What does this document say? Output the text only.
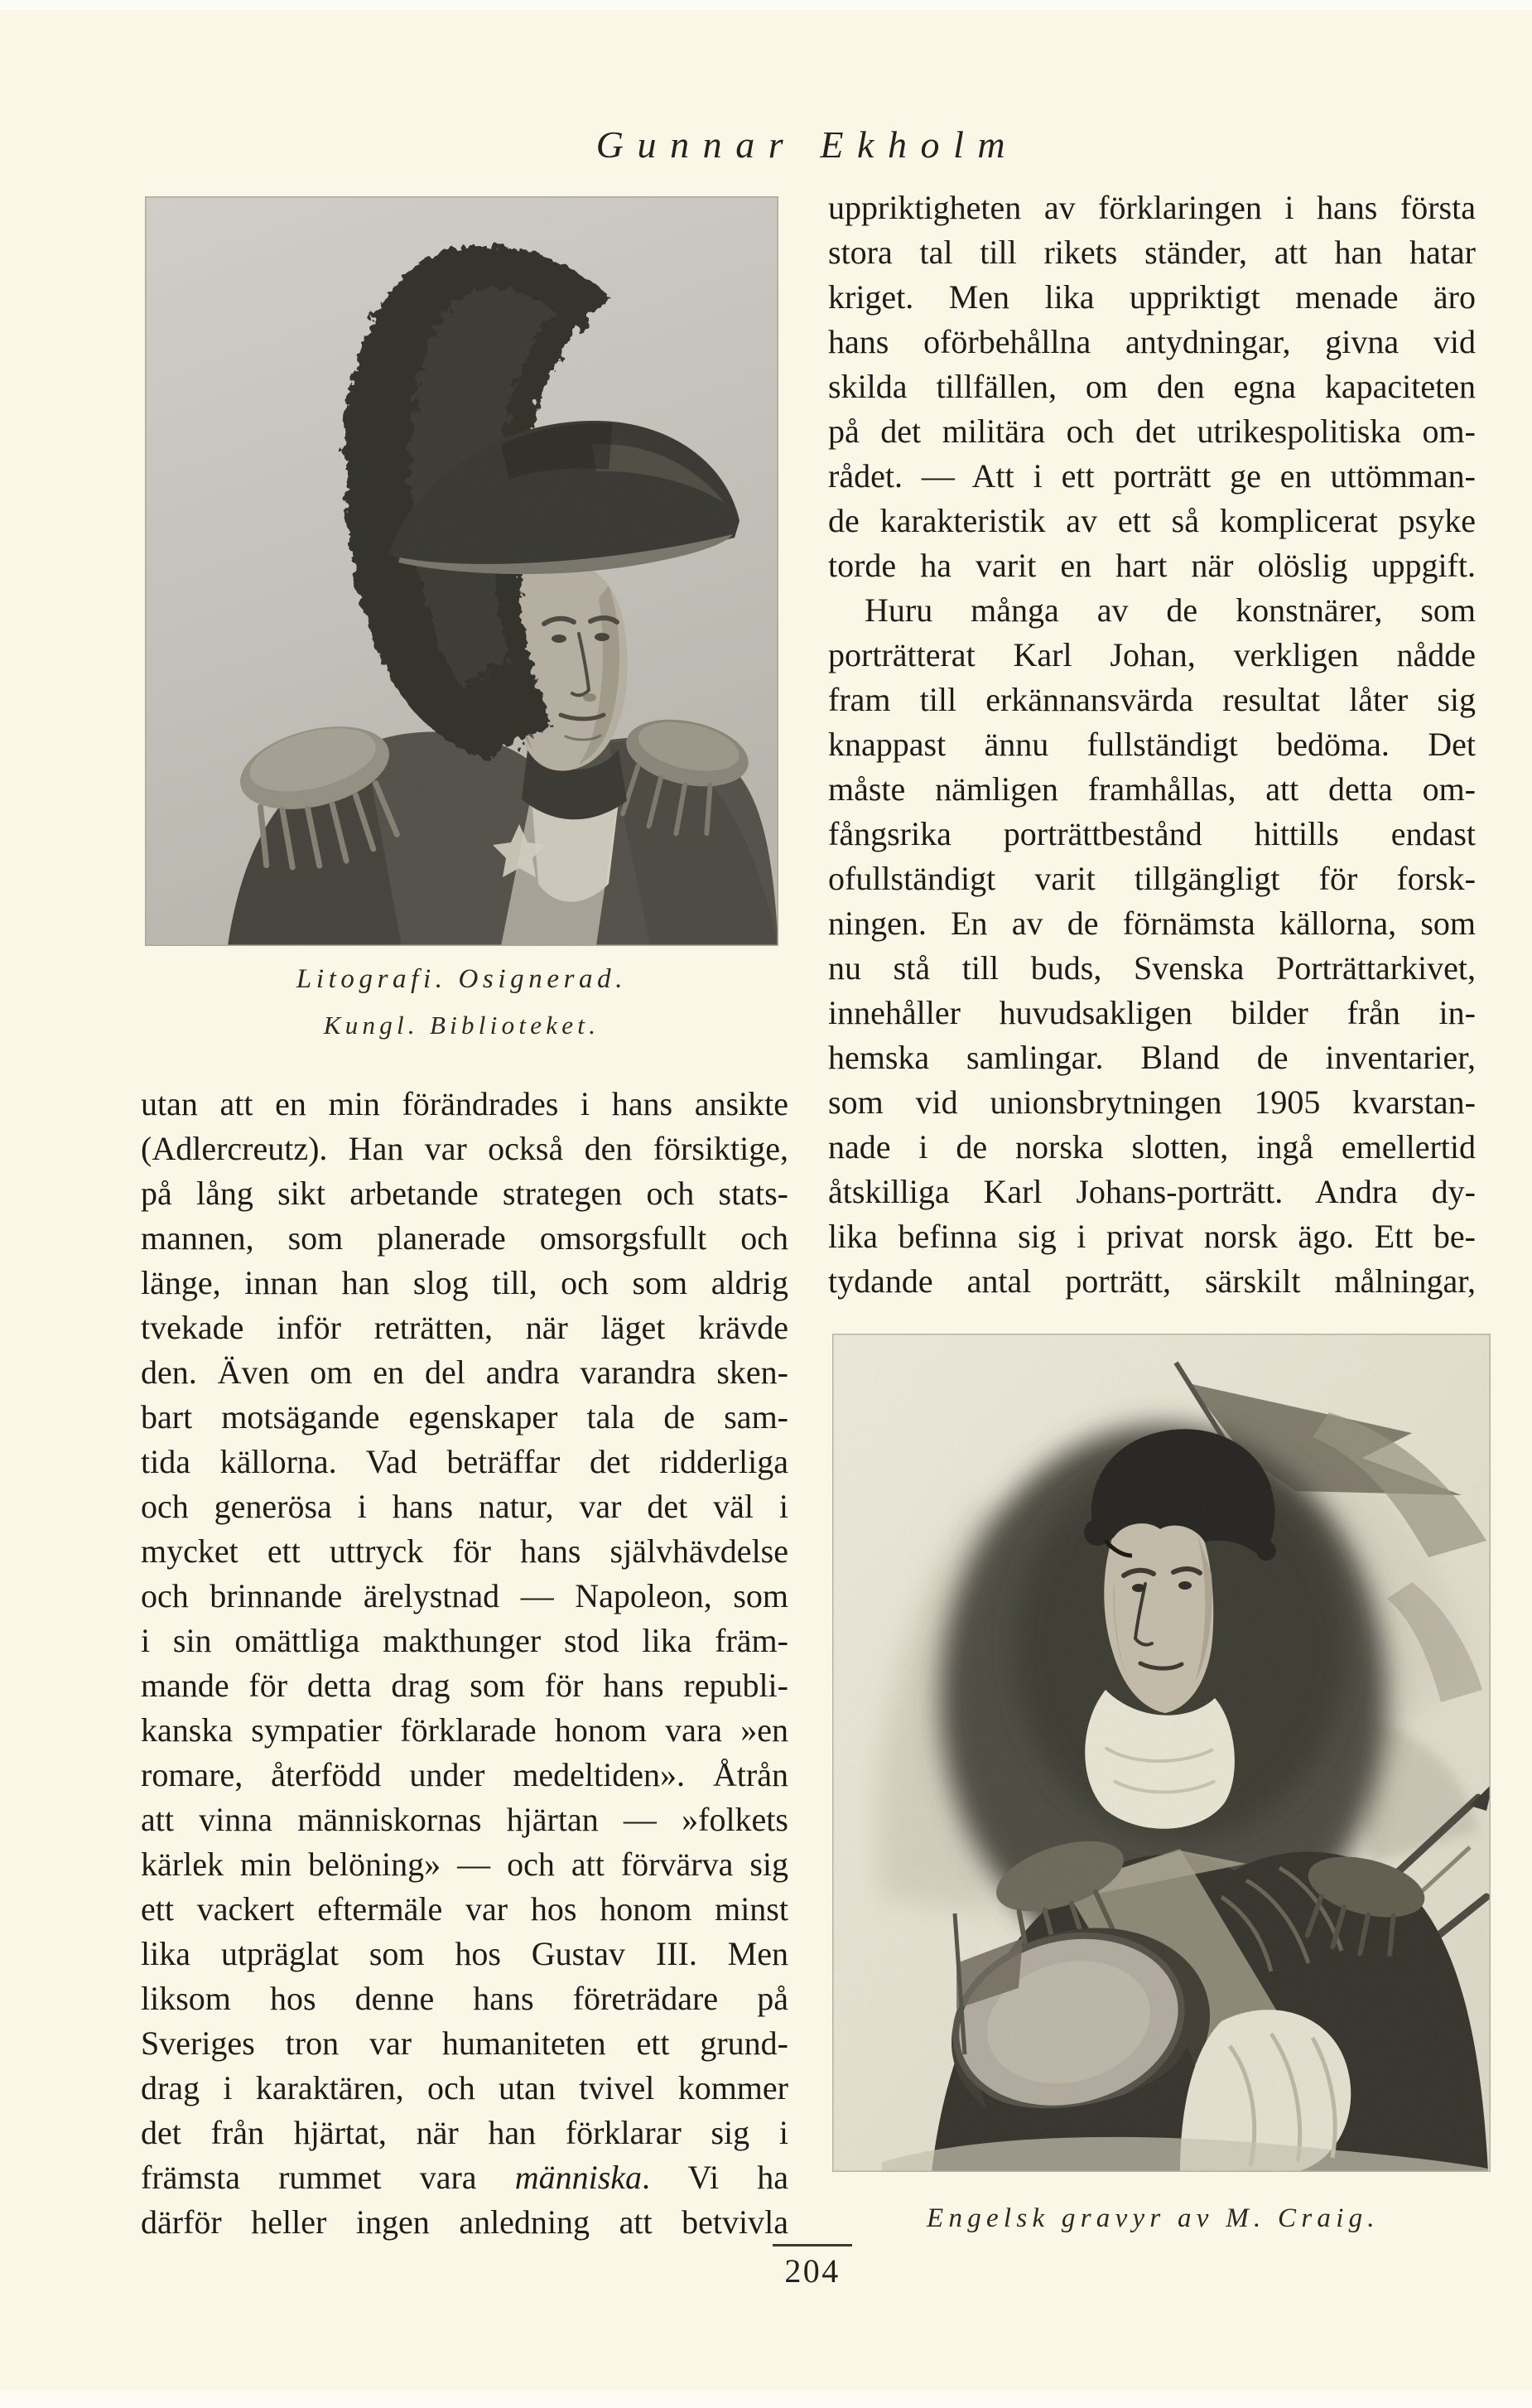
Gunnar Ekholm
Litografi. Osignerad.
Kungl. Biblioteket.
utan att en min förändrades i hans ansikte
(Adlercreutz). Han var också den försiktige,
på lång sikt arbetande strategen och stats-
mannen, som planerade omsorgsfullt och
länge, innan han slog till, och som aldrig
tvekade inför reträtten, när läget krävde
den. Även om en del andra varandra sken-
bart motsägande egenskaper tala de sam-
tida källorna. Vad beträffar det ridderliga
och generösa i hans natur, var det väl i
mycket ett uttryck för hans självhävdelse
och brinnande ärelystnad — Napoleon, som
i sin omättliga makthunger stod lika främ-
mande för detta drag som för hans republi-
kanska sympatier förklarade honom vara »en
romare, återfödd under medeltiden». Åtrån
att vinna människornas hjärtan — »folkets
kärlek min belöning» — och att förvärva sig
ett vackert eftermäle var hos honom minst
lika utpräglat som hos Gustav III. Men
liksom hos denne hans företrädare på
Sveriges tron var humaniteten ett grund-
drag i karaktären, och utan tvivel kommer
det från hjärtat, när han förklarar sig i
främsta rummet vara människa. Vi ha
därför heller ingen anledning att betvivla
uppriktigheten av förklaringen i hans första
stora tal till rikets ständer, att han hatar
kriget. Men lika uppriktigt menade äro
hans oförbehållna antydningar, givna vid
skilda tillfällen, om den egna kapaciteten
på det militära och det utrikespolitiska om-
rådet. — Att i ett porträtt ge en uttömman-
de karakteristik av ett så komplicerat psyke
torde ha varit en hart när olöslig uppgift.
Huru många av de konstnärer, som
porträtterat Karl Johan, verkligen nådde
fram till erkännansvärda resultat låter sig
knappast ännu fullständigt bedöma. Det
måste nämligen framhållas, att detta om-
fångsrika porträttbestånd hittills endast
ofullständigt varit tillgängligt för forsk-
ningen. En av de förnämsta källorna, som
nu stå till buds, Svenska Porträttarkivet,
innehåller huvudsakligen bilder från in-
hemska samlingar. Bland de inventarier,
som vid unionsbrytningen 1905 kvarstan-
nade i de norska slotten, ingå emellertid
åtskilliga Karl Johans-porträtt. Andra dy-
lika befinna sig i privat norsk ägo. Ett be-
tydande antal porträtt, särskilt målningar,
Engelsk gravyr av M. Craig.
204
